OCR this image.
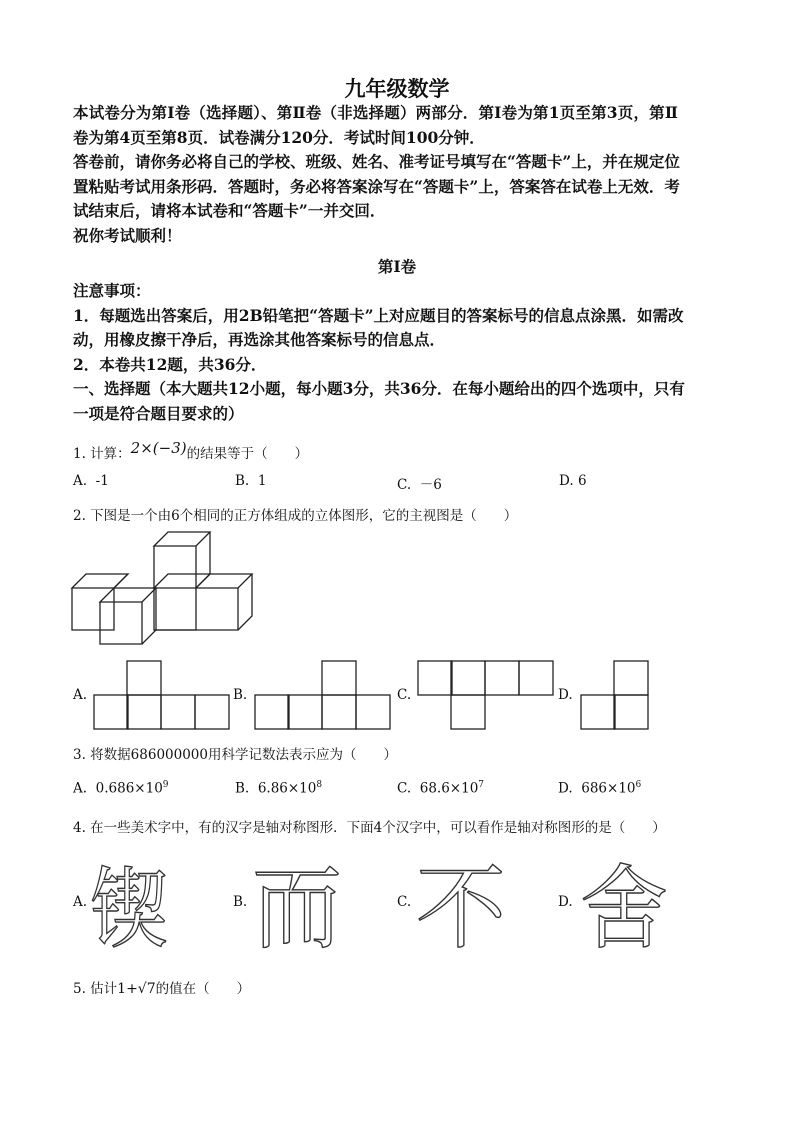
九年级数学

本试卷分为第Ⅰ卷（选择题）、第Ⅱ卷（非选择题）两部分．第Ⅰ卷为第1页至第3页，第Ⅱ

卷为第4页至第8页．试卷满分120分．考试时间100分钟．

答卷前，请你务必将自己的学校、班级、姓名、准考证号填写在“答题卡”上，并在规定位

置粘贴考试用条形码．答题时，务必将答案涂写在“答题卡”上，答案答在试卷上无效．考

试结束后，请将本试卷和“答题卡”一并交回．

祝你考试顺利！

第Ⅰ卷
注意事项：
1．每题选出答案后，用2B铅笔把“答题卡”上对应题目的答案标号的信息点涂黑．如需改
动，用橡皮擦干净后，再选涂其他答案标号的信息点．
2．本卷共12题，共36分．
一、选择题（本大题共12小题，每小题3分，共36分．在每小题给出的四个选项中，只有
一项是符合题目要求的）
1. 计算：2×(−3)的结果等于（　　）
A. -1	B. 1	C. －6	D. 6
2. 下图是一个由6个相同的正方体组成的立体图形，它的主视图是（　　）
A.	B.	C.	D.
3. 将数据686000000用科学记数法表示应为（　　）
A. $0.686\times 10^9$	B. $6.86\times 10^8$	C. $68.6\times 10^7$	D. $686\times 10^6$
4. 在一些美术字中，有的汉字是轴对称图形．下面4个汉字中，可以看作是轴对称图形的是（　　）
A. 锲	B. 而	C. 不	D. 舍
5. 估计1+√7的值在（　　）
